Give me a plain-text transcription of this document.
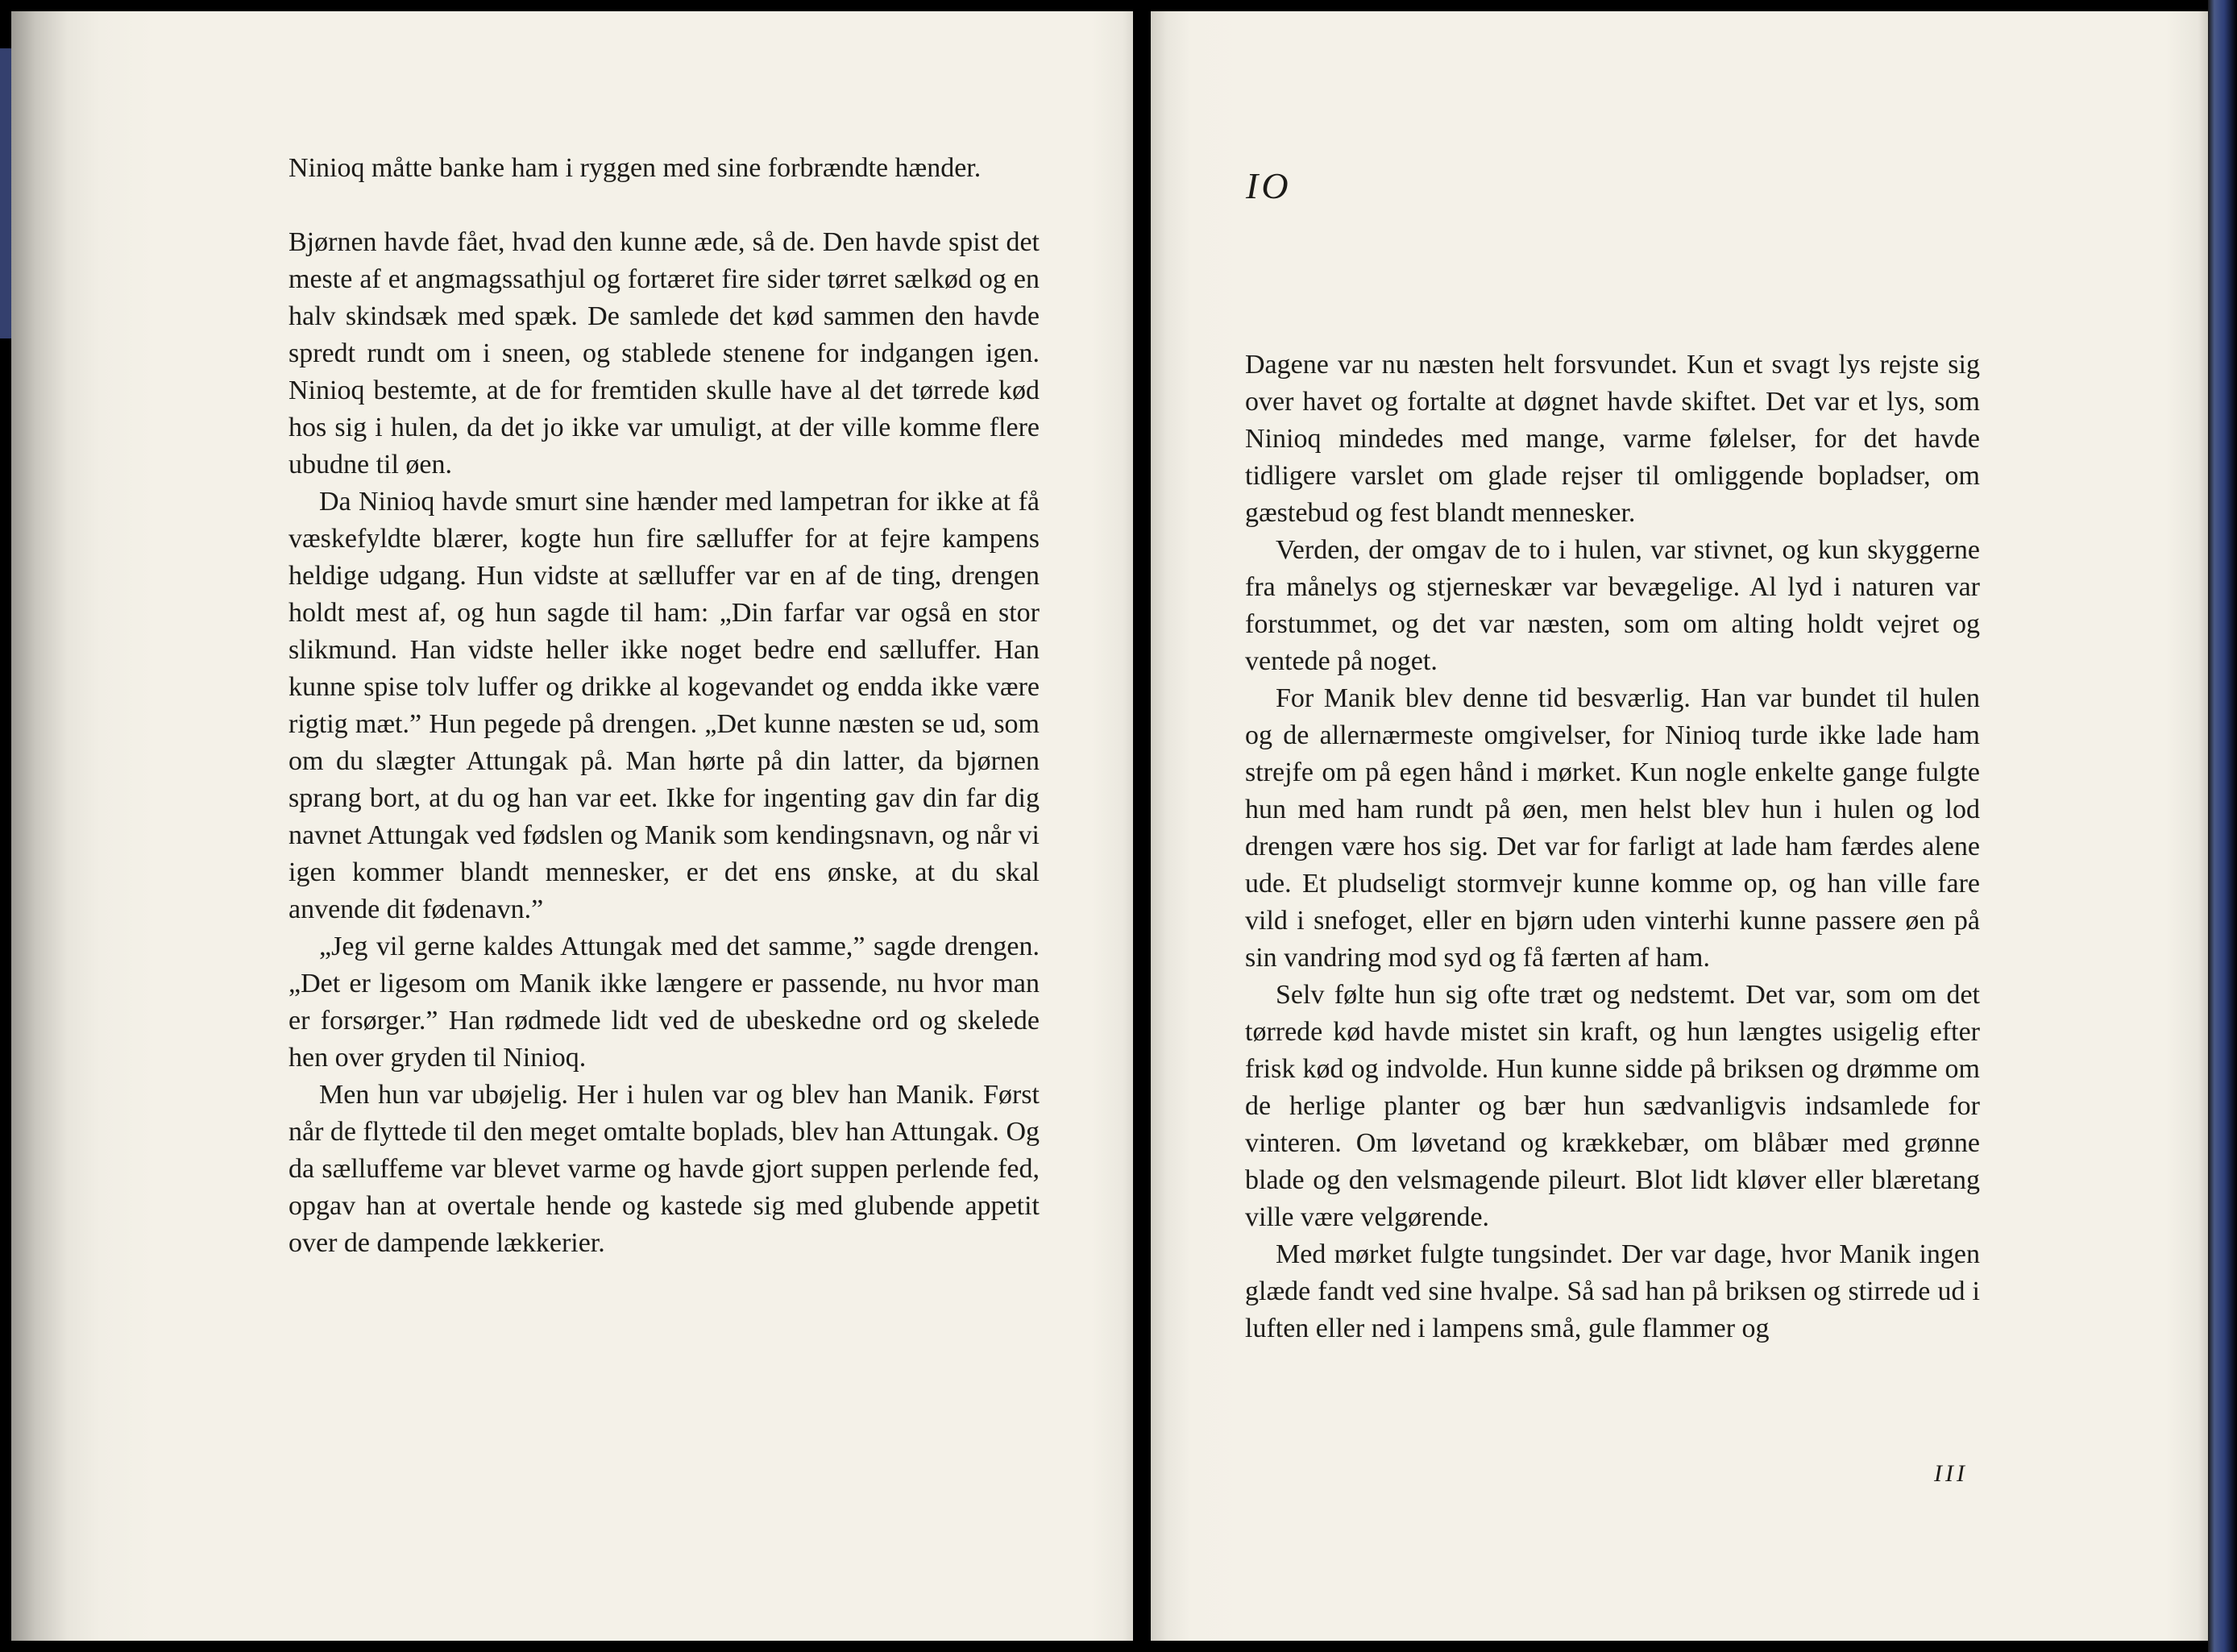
Ninioq måtte banke ham i ryggen med sine forbrændte hænder.

Bjørnen havde fået, hvad den kunne æde, så de. Den havde spist det meste af et angmagssathjul og fortæret fire sider tørret sælkød og en halv skindsæk med spæk. De samlede det kød sammen den havde spredt rundt om i sneen, og stablede stenene for indgangen igen. Ninioq bestemte, at de for fremtiden skulle have al det tørrede kød hos sig i hulen, da det jo ikke var umuligt, at der ville komme flere ubudne til øen.

Da Ninioq havde smurt sine hænder med lampetran for ikke at få væskefyldte blærer, kogte hun fire sælluffer for at fejre kampens heldige udgang. Hun vidste at sælluffer var en af de ting, drengen holdt mest af, og hun sagde til ham: „Din farfar var også en stor slikmund. Han vidste heller ikke noget bedre end sælluffer. Han kunne spise tolv luffer og drikke al kogevandet og endda ikke være rigtig mæt.” Hun pegede på drengen. „Det kunne næsten se ud, som om du slægter Attungak på. Man hørte på din latter, da bjørnen sprang bort, at du og han var eet. Ikke for ingenting gav din far dig navnet Attungak ved fødslen og Manik som kendingsnavn, og når vi igen kommer blandt mennesker, er det ens ønske, at du skal anvende dit fødenavn.”

„Jeg vil gerne kaldes Attungak med det samme,” sagde drengen. „Det er ligesom om Manik ikke længere er passende, nu hvor man er forsørger.” Han rødmede lidt ved de ubeskedne ord og skelede hen over gryden til Ninioq.

Men hun var ubøjelig. Her i hulen var og blev han Manik. Først når de flyttede til den meget omtalte boplads, blev han Attungak. Og da sælluffeme var blevet varme og havde gjort suppen perlende fed, opgav han at overtale hende og kastede sig med glubende appetit over de dampende lækkerier.

IO

Dagene var nu næsten helt forsvundet. Kun et svagt lys rejste sig over havet og fortalte at døgnet havde skiftet. Det var et lys, som Ninioq mindedes med mange, varme følelser, for det havde tidligere varslet om glade rejser til omliggende bopladser, om gæstebud og fest blandt mennesker.

Verden, der omgav de to i hulen, var stivnet, og kun skyggerne fra månelys og stjerneskær var bevægelige. Al lyd i naturen var forstummet, og det var næsten, som om alting holdt vejret og ventede på noget.

For Manik blev denne tid besværlig. Han var bundet til hulen og de allernærmeste omgivelser, for Ninioq turde ikke lade ham strejfe om på egen hånd i mørket. Kun nogle enkelte gange fulgte hun med ham rundt på øen, men helst blev hun i hulen og lod drengen være hos sig. Det var for farligt at lade ham færdes alene ude. Et pludseligt stormvejr kunne komme op, og han ville fare vild i snefoget, eller en bjørn uden vinterhi kunne passere øen på sin vandring mod syd og få færten af ham.

Selv følte hun sig ofte træt og nedstemt. Det var, som om det tørrede kød havde mistet sin kraft, og hun længtes usigelig efter frisk kød og indvolde. Hun kunne sidde på briksen og drømme om de herlige planter og bær hun sædvanligvis indsamlede for vinteren. Om løvetand og krækkebær, om blåbær med grønne blade og den velsmagende pileurt. Blot lidt kløver eller blæretang ville være velgørende.

Med mørket fulgte tungsindet. Der var dage, hvor Manik ingen glæde fandt ved sine hvalpe. Så sad han på briksen og stirrede ud i luften eller ned i lampens små, gule flammer og

III
